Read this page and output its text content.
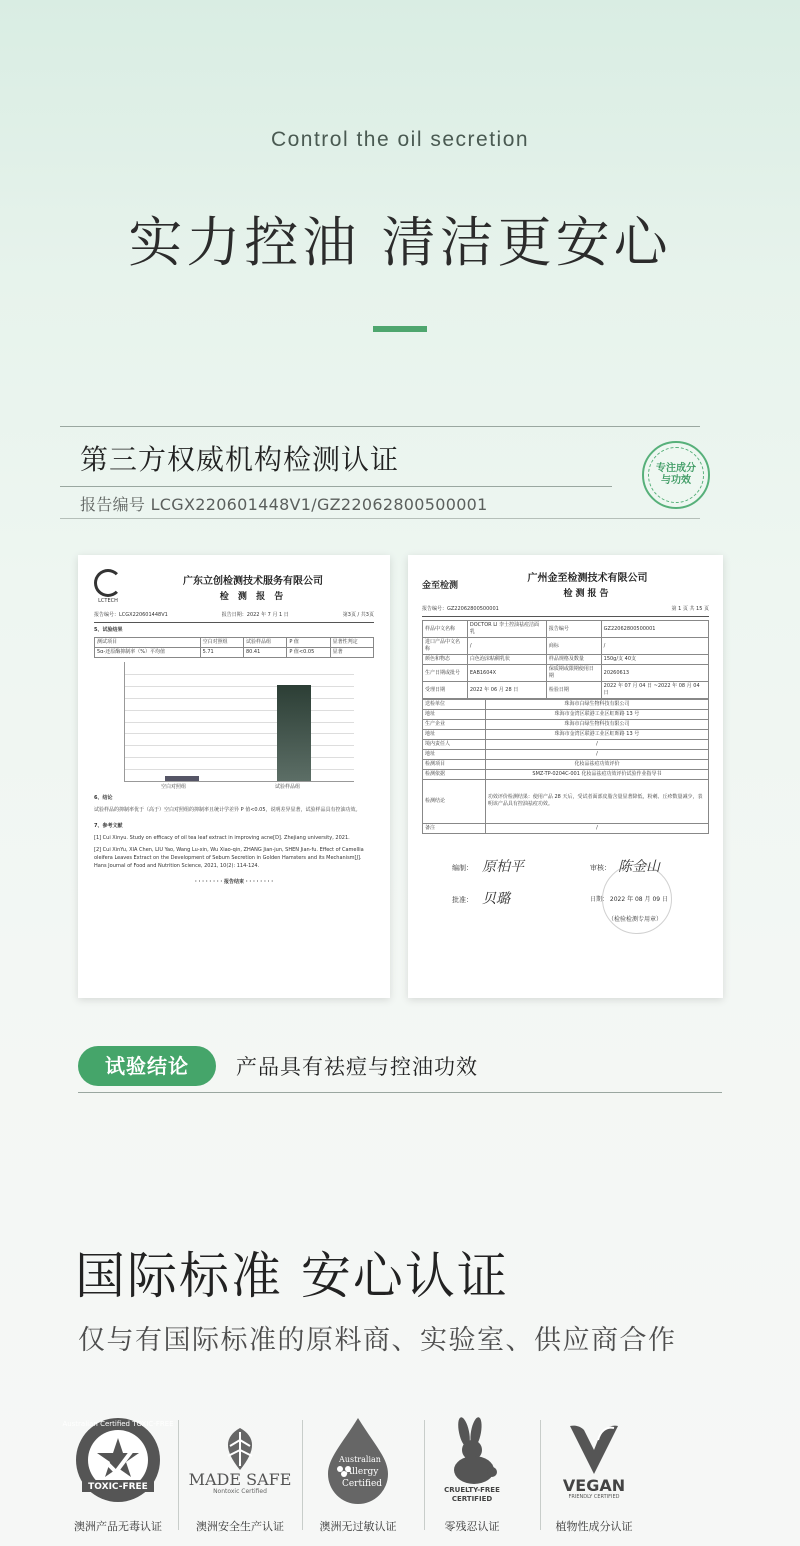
Control the oil secretion
实力控油 清洁更安心
第三方权威机构检测认证
报告编号 LCGX220601448V1/GZ22062800500001
专注成分与功效
LCTECH
广东立创检测技术服务有限公司
检 测 报 告
报告编号：LCGX220601448V1	报告日期：2022 年 7 月 1 日	第3页 / 共3页
5、试验结果
测试项目	空白对照组	试验样品组	P 值	显著性判定
5α-还原酶抑制率（%）平均值	5.71	80.41	P 值<0.05	显著
空白对照组	试验样品组
6、结论
试验样品的抑制率优于（高于）空白对照组的抑制率且统计学差异 P 值<0.05，说明差异显著，试验样品具有控油功效。
7、参考文献
[1] Cui Xinyu. Study on efficacy of oil tea leaf extract in improving acne[D]. Zhejiang university, 2021.
[2] Cui XinYu, XIA Chen, LIU Yao, Wang Lu-xin, Wu Xiao-qin, ZHANG Jian-jun, SHEN Jian-fu. Effect of Camellia oleifera Leaves Extract on the Development of Sebum Secretion in Golden Hamsters and its Mechanism[J]. Hans Journal of Food and Nutrition Science, 2021, 10(2): 114-124.
· · · · · · · · 报告结束 · · · · · · · ·
金至检测
广州金至检测技术有限公司
检测报告
报告编号：GZ22062800500001	第 1 页 共 15 页
样品中文名称	DOCTOR LI 李士控油祛痘洁面乳	报告编号	GZ22062800500001
进口产品中文名称	/	商标	/
颜色和物态	白色泡沫粘稠乳状	样品规格及数量	150g/支 40支
生产日期或批号	EAB1604X	保质期或限期使用日期	20260613
受理日期	2022 年 06 月 28 日	检验日期	2022 年 07 月 04 日 ~2022 年 08 月 04 日
送检单位	珠海市白绿生物科技有限公司
地址	珠海市金湾区联港工业区虹晖路 13 号
生产企业	珠海市白绿生物科技有限公司
地址	珠海市金湾区联港工业区虹晖路 13 号
境内责任人	/
地址	/
检测项目	化妆品祛痘功效评价
检测依据	SMZ-TP-0204C-001 化妆品祛痘功效评价试验作业指导书
检测结论	功效评价检测结果：使用产品 28 天后，受试者面部皮脂含量显著降低，粉刺、丘疹数量减少，表明该产品具有控油祛痘功效。
备注	/
编制： 原柏平	审核： 陈金山
批准： 贝璐	日期： 2022 年 08 月 09 日
（检验检测专用章）
试验结论	产品具有祛痘与控油功效
国际标准 安心认证
仅与有国际标准的原料商、实验室、供应商合作
Australian Certified TOXIC-FREE
TOXIC-FREE
澳洲产品无毒认证
MADE SAFE
Nontoxic Certified
澳洲安全生产认证
Australian
Allergy
Certified
澳洲无过敏认证
CRUELTY-FREE CERTIFIED
零残忍认证
VEGAN
FRIENDLY CERTIFIED
植物性成分认证
